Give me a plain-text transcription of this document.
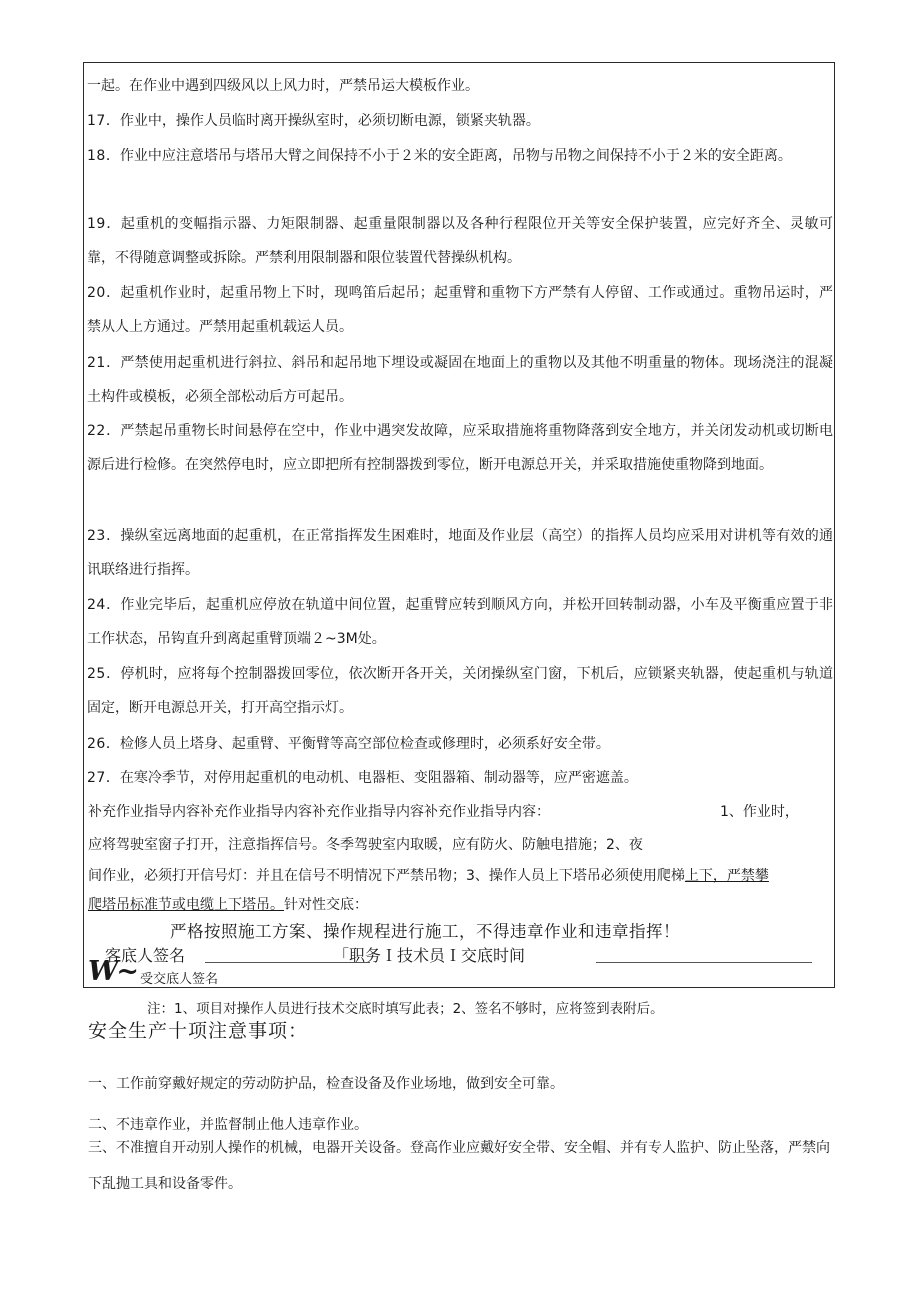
一起。在作业中遇到四级风以上风力时，严禁吊运大模板作业。

17．作业中，操作人员临时离开操纵室时，必须切断电源，锁紧夹轨器。

18．作业中应注意塔吊与塔吊大臂之间保持不小于２米的安全距离，吊物与吊物之间保持不小于２米的安全距离。

19．起重机的变幅指示器、力矩限制器、起重量限制器以及各种行程限位开关等安全保护装置，应完好齐全、灵敏可靠，不得随意调整或拆除。严禁利用限制器和限位装置代替操纵机构。

20．起重机作业时，起重吊物上下时，现鸣笛后起吊；起重臂和重物下方严禁有人停留、工作或通过。重物吊运时，严禁从人上方通过。严禁用起重机载运人员。

21．严禁使用起重机进行斜拉、斜吊和起吊地下埋设或凝固在地面上的重物以及其他不明重量的物体。现场浇注的混凝土构件或模板，必须全部松动后方可起吊。

22．严禁起吊重物长时间悬停在空中，作业中遇突发故障，应采取措施将重物降落到安全地方，并关闭发动机或切断电源后进行检修。在突然停电时，应立即把所有控制器拨到零位，断开电源总开关，并采取措施使重物降到地面。

23．操纵室远离地面的起重机，在正常指挥发生困难时，地面及作业层（高空）的指挥人员均应采用对讲机等有效的通讯联络进行指挥。

24．作业完毕后，起重机应停放在轨道中间位置，起重臂应转到顺风方向，并松开回转制动器，小车及平衡重应置于非工作状态，吊钩直升到离起重臂顶端２~3M处。

25．停机时，应将每个控制器拨回零位，依次断开各开关，关闭操纵室门窗，下机后，应锁紧夹轨器，使起重机与轨道固定，断开电源总开关，打开高空指示灯。

26．检修人员上塔身、起重臂、平衡臂等高空部位检查或修理时，必须系好安全带。

27．在寒冷季节，对停用起重机的电动机、电器柜、变阻器箱、制动器等，应严密遮盖。

补充作业指导内容补充作业指导内容补充作业指导内容补充作业指导内容：	1、作业时，
应将驾驶室窗子打开，注意指挥信号。冬季驾驶室内取暖，应有防火、防触电措施；2、夜
间作业，必须打开信号灯：并且在信号不明情况下严禁吊物；3、操作人员上下塔吊必须使用爬梯上下，严禁攀
爬塔吊标准节或电缆上下塔吊。针对性交底：
严格按照施工方案、操作规程进行施工，不得违章作业和违章指挥！
客底人签名	「职务Ｉ技术员Ｉ交底时间
W~ 受交底人签名
注：1、项目对操作人员进行技术交底时填写此表；2、签名不够时，应将签到表附后。
安全生产十项注意事项：

一、工作前穿戴好规定的劳动防护品，检查设备及作业场地，做到安全可靠。

二、不违章作业，并监督制止他人违章作业。

三、不准擅自开动别人操作的机械，电器开关设备。登高作业应戴好安全带、安全帽、并有专人监护、防止坠落，严禁向下乱抛工具和设备零件。
